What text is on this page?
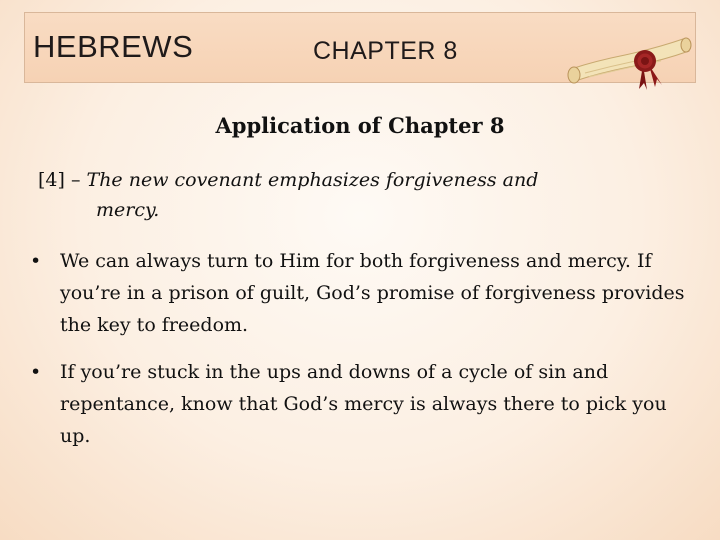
HEBREWS	CHAPTER 8
Application of Chapter 8
[4] – The new covenant emphasizes forgiveness and
mercy.
• We can always turn to Him for both forgiveness and mercy. If you’re in a prison of guilt, God’s promise of forgiveness provides the key to freedom.
• If you’re stuck in the ups and downs of a cycle of sin and repentance, know that God’s mercy is always there to pick you up.
